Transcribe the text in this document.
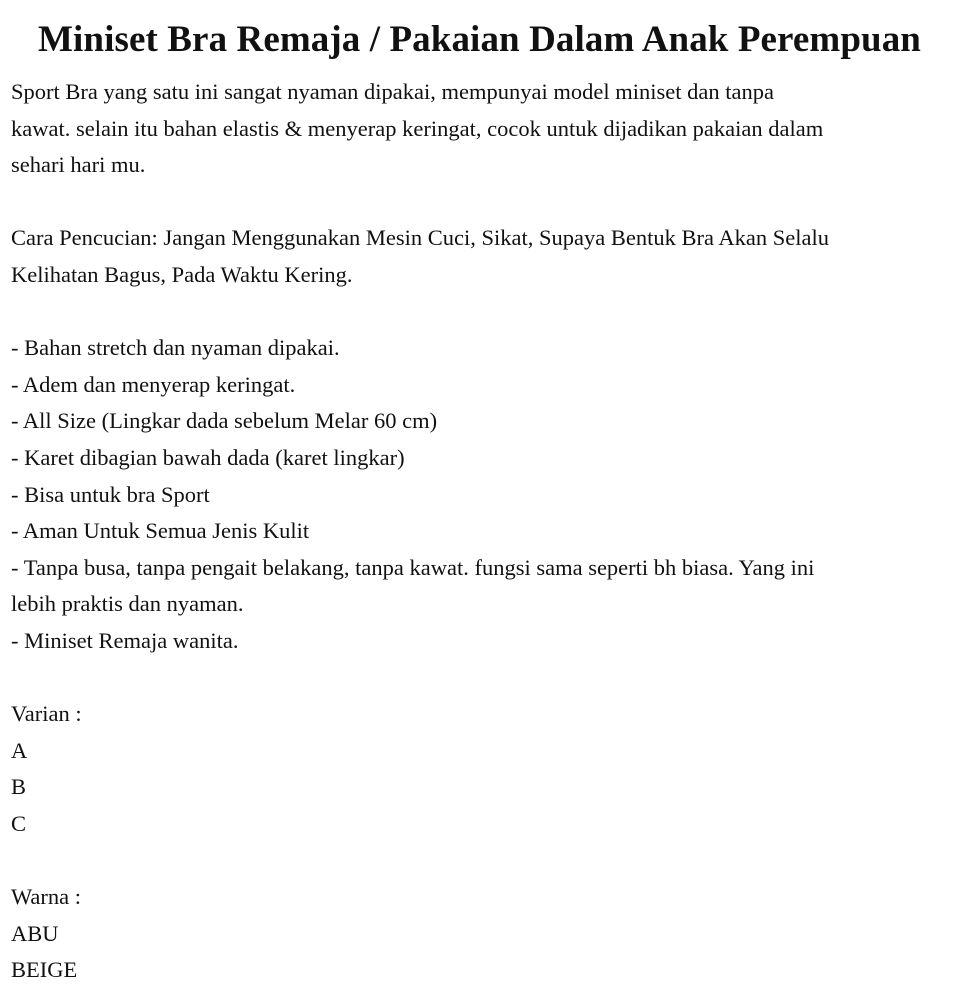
Miniset Bra Remaja / Pakaian Dalam Anak Perempuan

Sport Bra yang satu ini sangat nyaman dipakai, mempunyai model miniset dan tanpa
kawat. selain itu bahan elastis & menyerap keringat, cocok untuk dijadikan pakaian dalam
sehari hari mu.

Cara Pencucian: Jangan Menggunakan Mesin Cuci, Sikat, Supaya Bentuk Bra Akan Selalu
Kelihatan Bagus, Pada Waktu Kering.

- Bahan stretch dan nyaman dipakai.
- Adem dan menyerap keringat.
- All Size (Lingkar dada sebelum Melar 60 cm)
- Karet dibagian bawah dada (karet lingkar)
- Bisa untuk bra Sport
- Aman Untuk Semua Jenis Kulit
- Tanpa busa, tanpa pengait belakang, tanpa kawat. fungsi sama seperti bh biasa. Yang ini
lebih praktis dan nyaman.
- Miniset Remaja wanita.
Varian :
A
B
C
Warna :
ABU
BEIGE
